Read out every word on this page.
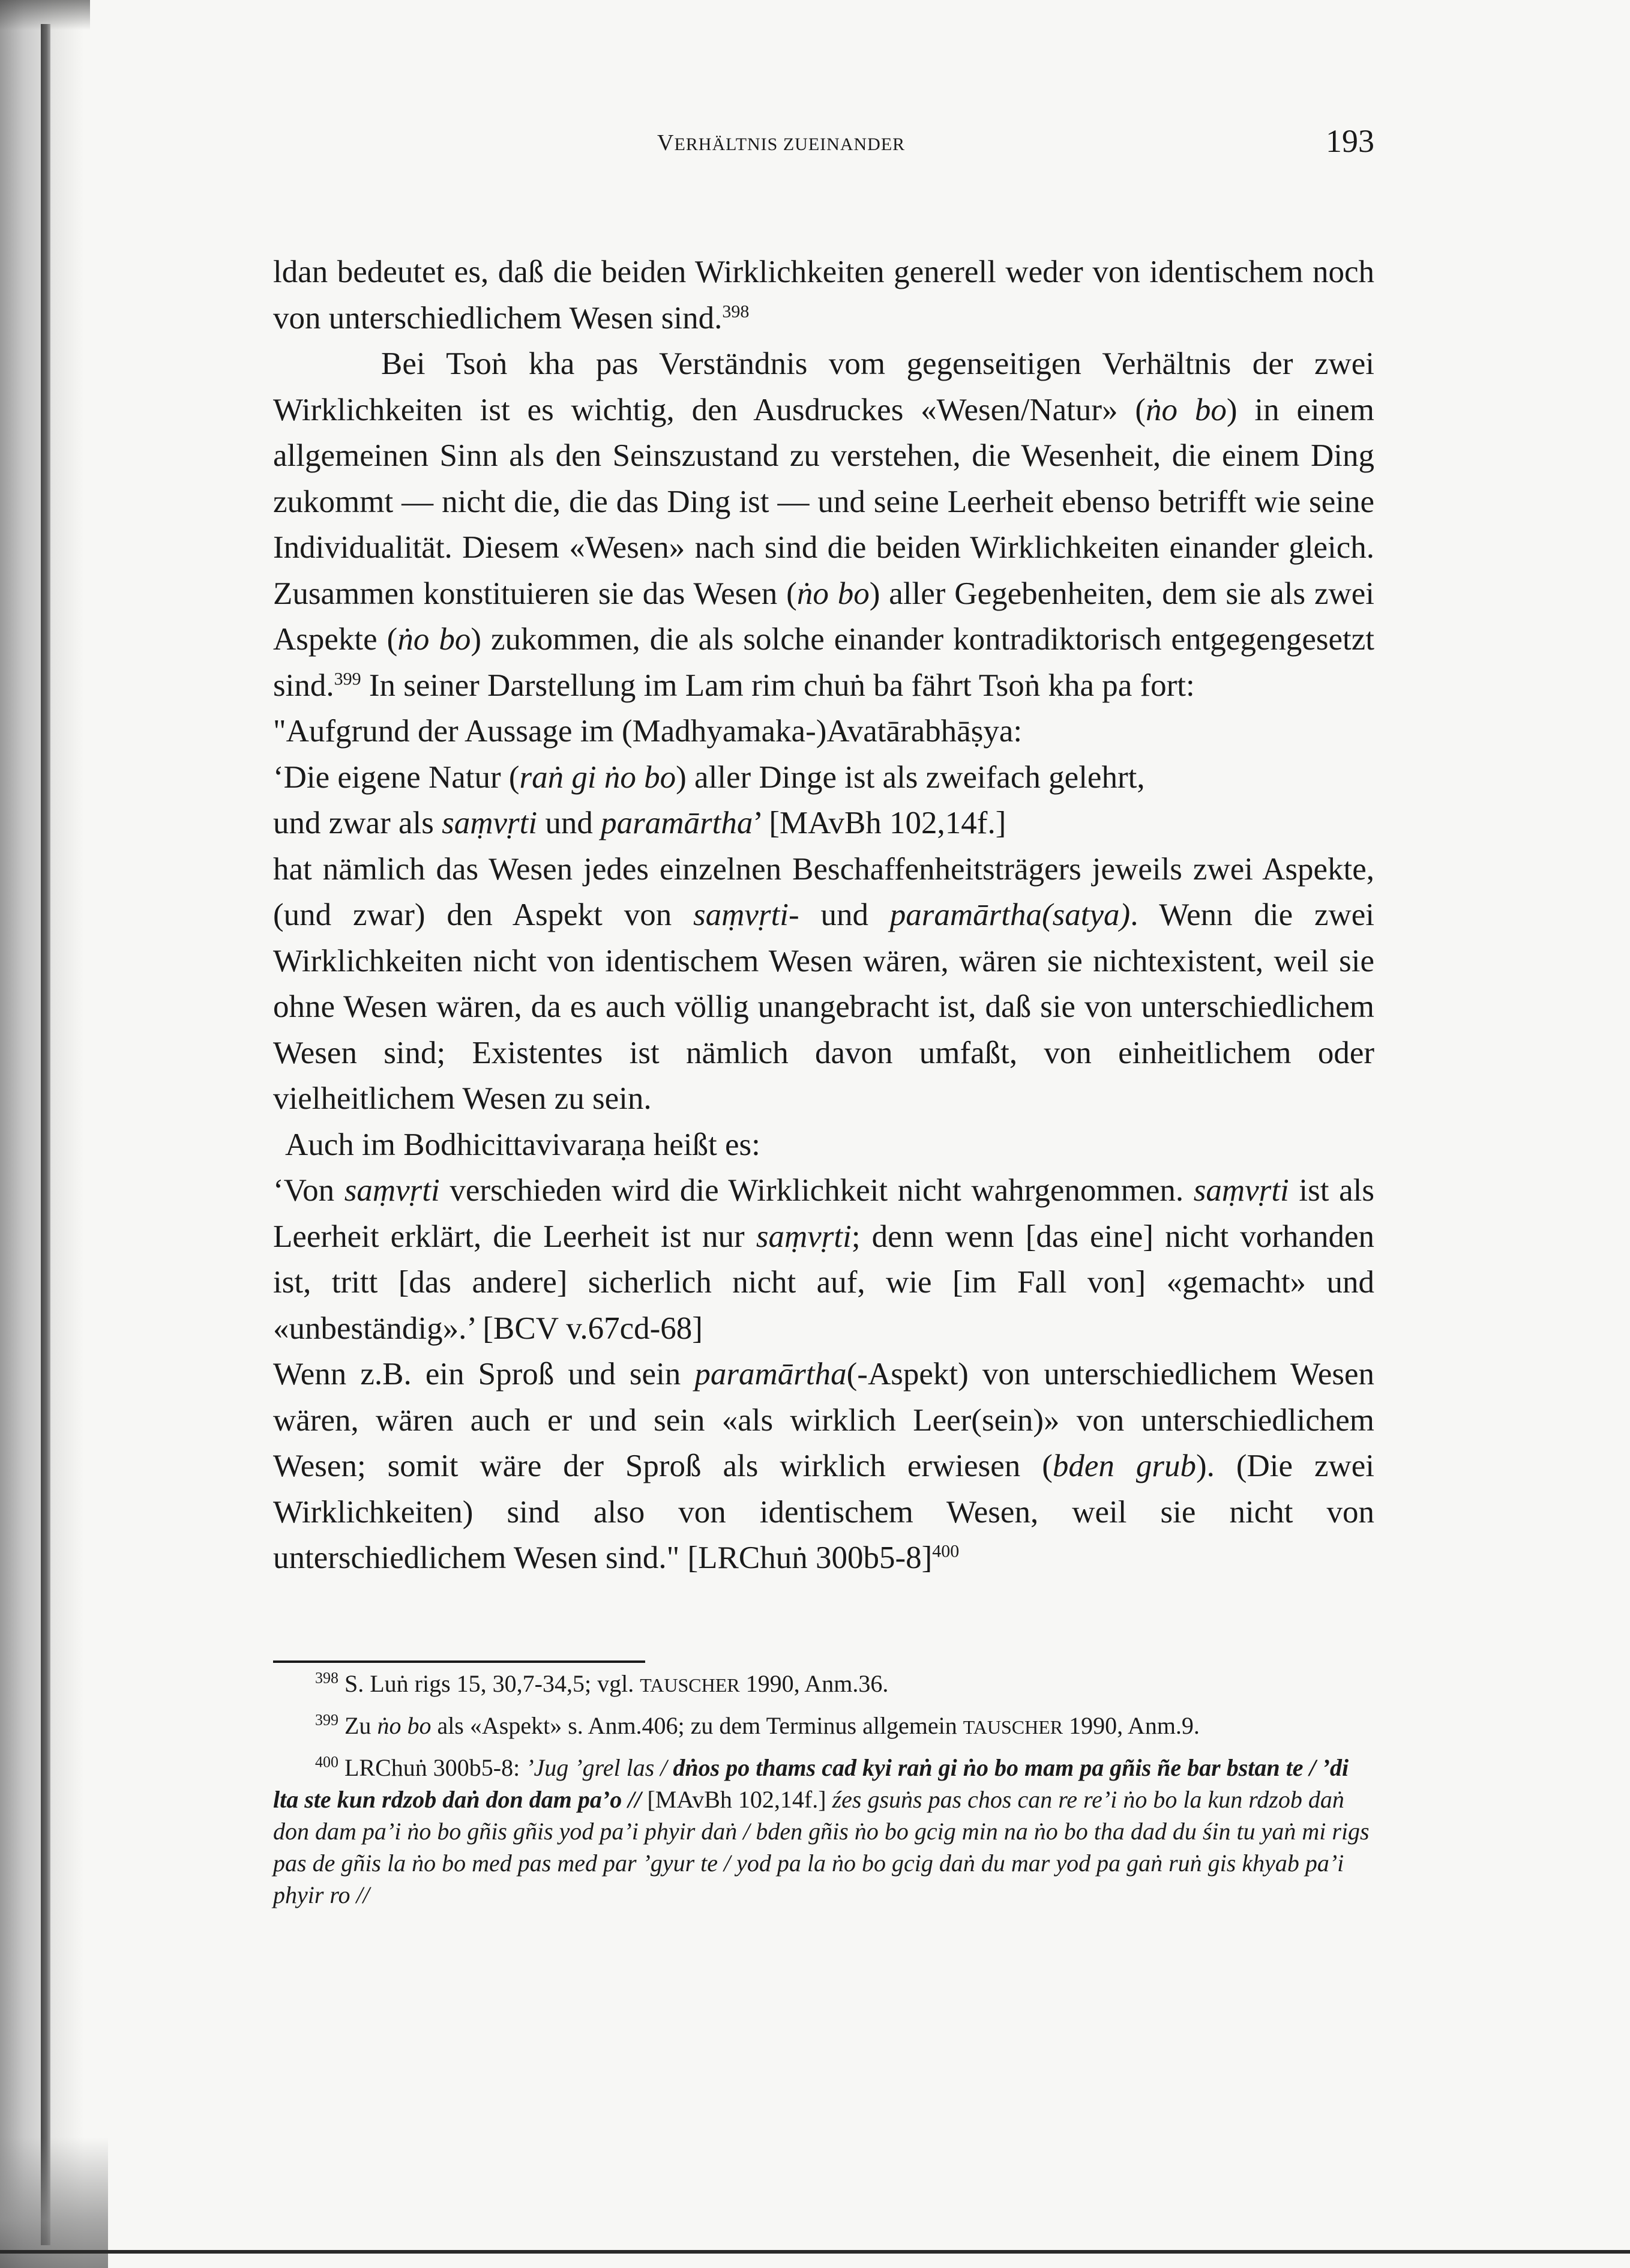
VERHÄLTNIS ZUEINANDER	193

ldan bedeutet es, daß die beiden Wirklichkeiten generell weder von identischem noch von unterschiedlichem Wesen sind.$^{398}$

Bei Tsoṅ kha pas Verständnis vom gegenseitigen Verhältnis der zwei Wirklichkeiten ist es wichtig, den Ausdruckes «Wesen/Natur» (ṅo bo) in einem allgemeinen Sinn als den Seinszustand zu verstehen, die Wesenheit, die einem Ding zukommt — nicht die, die das Ding ist — und seine Leerheit ebenso betrifft wie seine Individualität. Diesem «Wesen» nach sind die beiden Wirklichkeiten einander gleich. Zusammen konstituieren sie das Wesen (ṅo bo) aller Gegebenheiten, dem sie als zwei Aspekte (ṅo bo) zukommen, die als solche einander kontradiktorisch entgegengesetzt sind.$^{399}$ In seiner Darstellung im Lam rim chuṅ ba fährt Tsoṅ kha pa fort:

"Aufgrund der Aussage im (Madhyamaka-)Avatārabhāṣya:

‘Die eigene Natur (raṅ gi ṅo bo) aller Dinge ist als zweifach gelehrt,
und zwar als saṃvṛti und paramārtha’ [MAvBh 102,14f.]

hat nämlich das Wesen jedes einzelnen Beschaffenheitsträgers jeweils zwei Aspekte, (und zwar) den Aspekt von saṃvṛti- und paramārtha(satya). Wenn die zwei Wirklichkeiten nicht von identischem Wesen wären, wären sie nichtexistent, weil sie ohne Wesen wären, da es auch völlig unangebracht ist, daß sie von unterschiedlichem Wesen sind; Existentes ist nämlich davon umfaßt, von einheitlichem oder vielheitlichem Wesen zu sein.

Auch im Bodhicittavivaraṇa heißt es:

‘Von saṃvṛti verschieden wird die Wirklichkeit nicht wahrgenommen. saṃvṛti ist als Leerheit erklärt, die Leerheit ist nur saṃvṛti; denn wenn [das eine] nicht vorhanden ist, tritt [das andere] sicherlich nicht auf, wie [im Fall von] «gemacht» und «unbeständig».’ [BCV v.67cd-68]

Wenn z.B. ein Sproß und sein paramārtha(-Aspekt) von unterschiedlichem Wesen wären, wären auch er und sein «als wirklich Leer(sein)» von unterschiedlichem Wesen; somit wäre der Sproß als wirklich erwiesen (bden grub). (Die zwei Wirklichkeiten) sind also von identischem Wesen, weil sie nicht von unterschiedlichem Wesen sind." [LRChuṅ 300b5-8]$^{400}$

$^{398}$ S. Luṅ rigs 15, 30,7-34,5; vgl. TAUSCHER 1990, Anm.36.

$^{399}$ Zu ṅo bo als «Aspekt» s. Anm.406; zu dem Terminus allgemein TAUSCHER 1990, Anm.9.

$^{400}$ LRChuṅ 300b5-8: ’Jug ’grel las / dṅos po thams cad kyi raṅ gi ṅo bo mam pa gñis ñe bar bstan te / ’di lta ste kun rdzob daṅ don dam pa’o // [MAvBh 102,14f.] źes gsuṅs pas chos can re re’i ṅo bo la kun rdzob daṅ don dam pa’i ṅo bo gñis gñis yod pa’i phyir daṅ / bden gñis ṅo bo gcig min na ṅo bo tha dad du śin tu yaṅ mi rigs pas de gñis la ṅo bo med pas med par ’gyur te / yod pa la ṅo bo gcig daṅ du mar yod pa gaṅ ruṅ gis khyab pa’i phyir ro //
